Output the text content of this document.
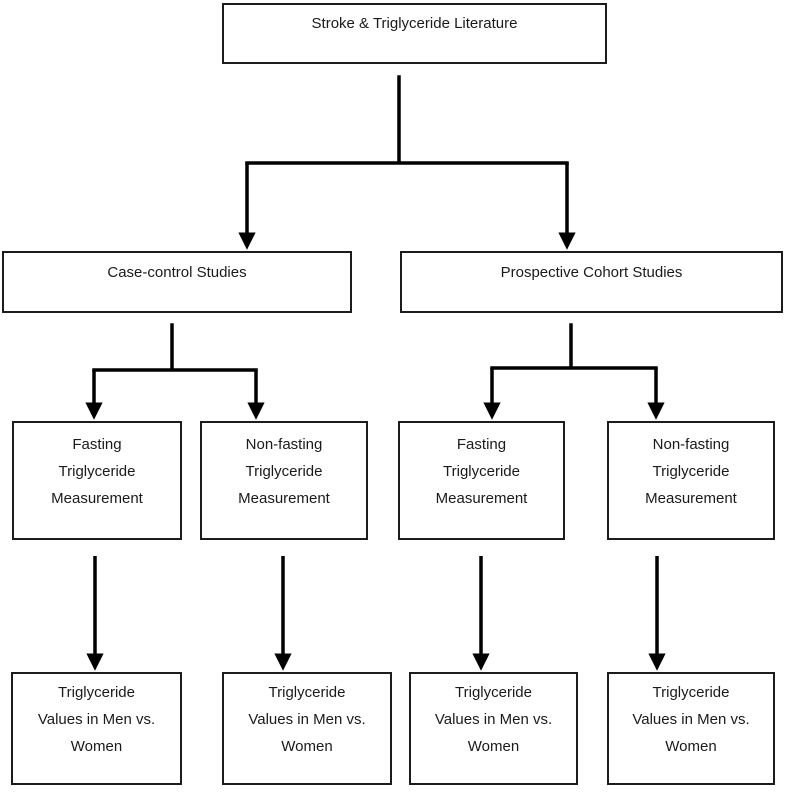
Stroke & Triglyceride Literature
Case-control Studies	Prospective Cohort Studies
Fasting
Triglyceride
Measurement
Non-fasting
Triglyceride
Measurement
Fasting
Triglyceride
Measurement
Non-fasting
Triglyceride
Measurement
Triglyceride
Values in Men vs.
Women
Triglyceride
Values in Men vs.
Women
Triglyceride
Values in Men vs.
Women
Triglyceride
Values in Men vs.
Women
